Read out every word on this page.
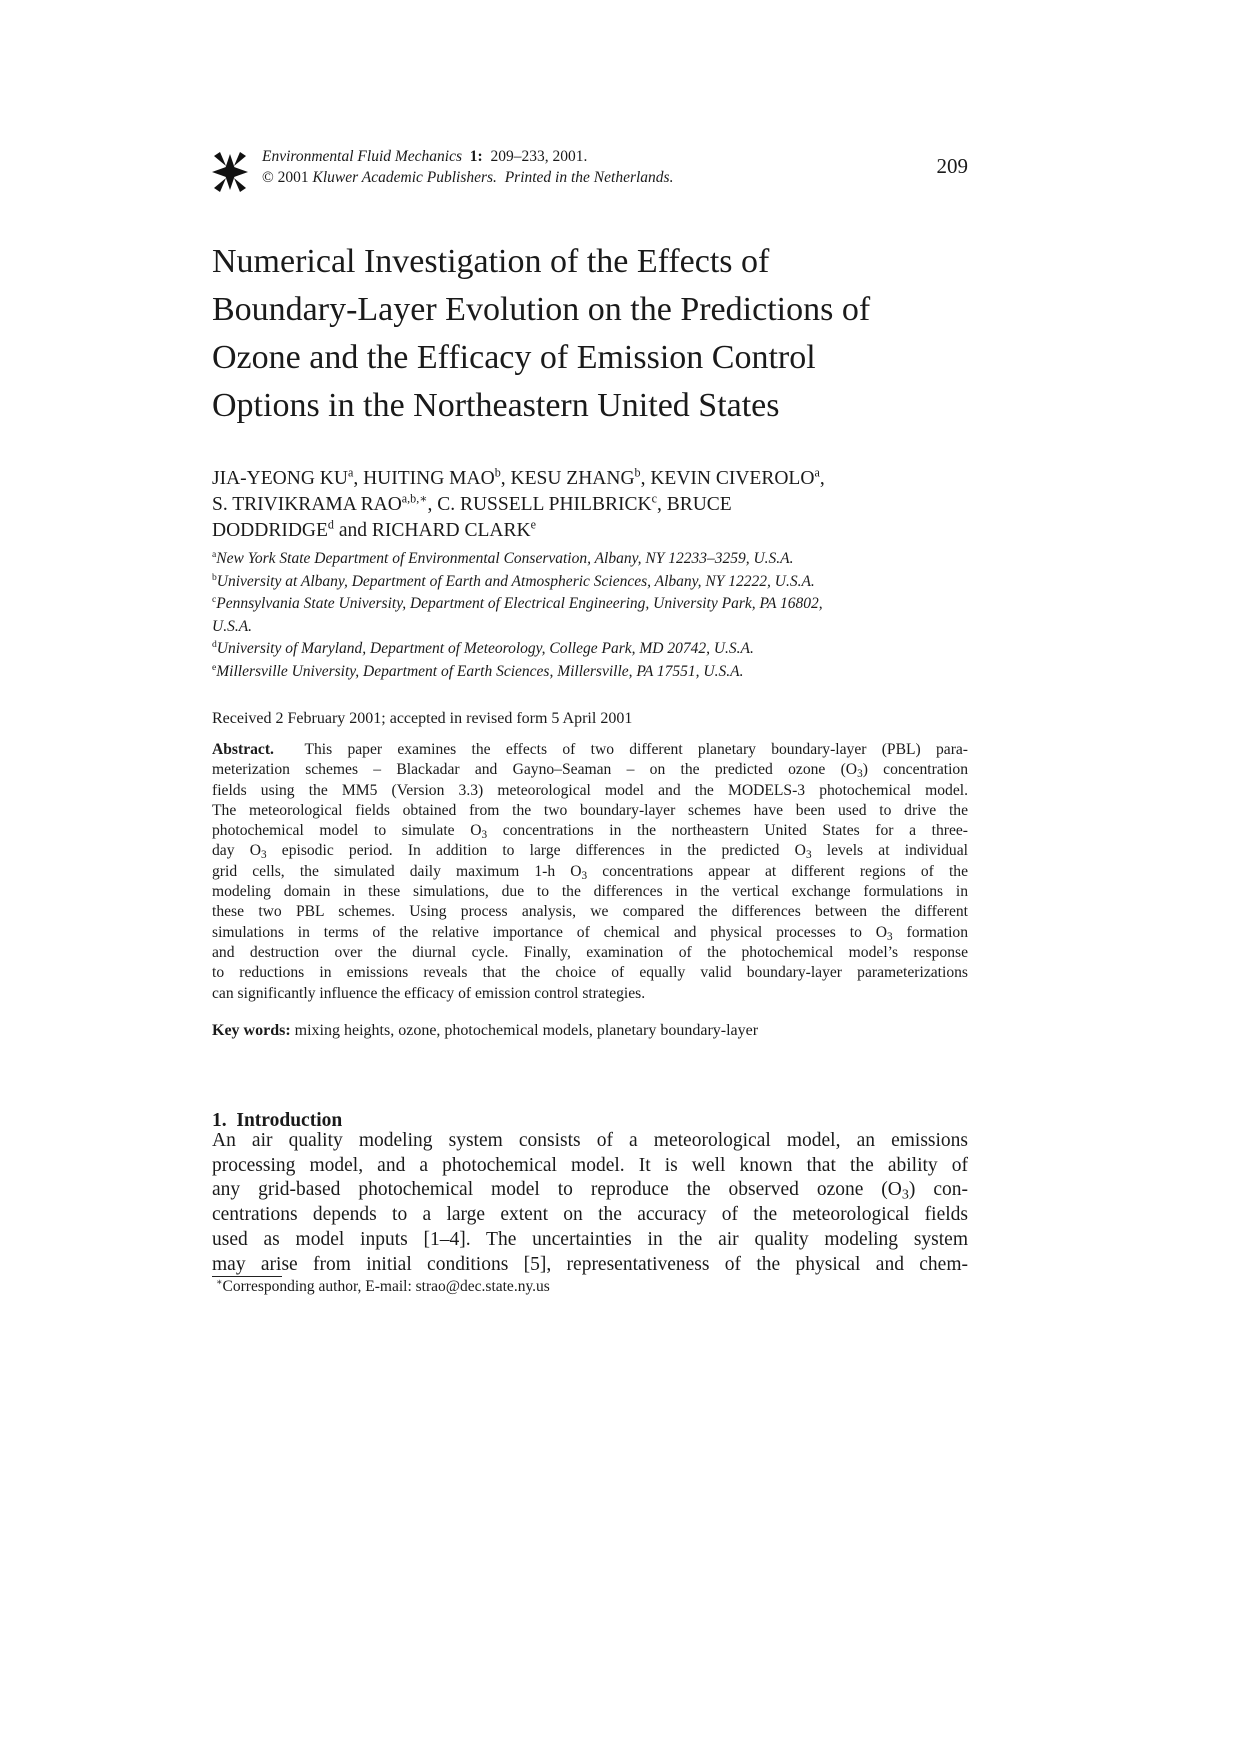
Environmental Fluid Mechanics 1: 209–233, 2001.
© 2001 Kluwer Academic Publishers. Printed in the Netherlands.	209
Numerical Investigation of the Effects of
Boundary-Layer Evolution on the Predictions of
Ozone and the Efficacy of Emission Control
Options in the Northeastern United States
JIA-YEONG $KU^a$, HUITING MAO$^b$, KESU ZHANG$^b$, KEVIN CIVEROLO$^a$,
S. TRIVIKRAMA $RAO^{a,b,∗}$, C. RUSSELL PHILBRICK$^c$, BRUCE
DODDRIDGE$^d$ and RICHARD CLARK$^e$
$^a$New York State Department of Environmental Conservation, Albany, NY 12233–3259, U.S.A.
$^b$University at Albany, Department of Earth and Atmospheric Sciences, Albany, NY 12222, U.S.A.
$^c$Pennsylvania State University, Department of Electrical Engineering, University Park, PA 16802,
U.S.A.
$^d$University of Maryland, Department of Meteorology, College Park, MD 20742, U.S.A.
$^e$Millersville University, Department of Earth Sciences, Millersville, PA 17551, U.S.A.
Received 2 February 2001; accepted in revised form 5 April 2001
Abstract. This paper examines the effects of two different planetary boundary-layer (PBL) para-
meterization schemes – Blackadar and Gayno–Seaman – on the predicted ozone $(O_3)$ concentration
fields using the MM5 (Version 3.3) meteorological model and the MODELS-3 photochemical model.
The meteorological fields obtained from the two boundary-layer schemes have been used to drive the
photochemical model to simulate $O_3$ concentrations in the northeastern United States for a three-
day $O_3$ episodic period. In addition to large differences in the predicted $O_3$ levels at individual
grid cells, the simulated daily maximum 1-h $O_3$ concentrations appear at different regions of the
modeling domain in these simulations, due to the differences in the vertical exchange formulations in
these two PBL schemes. Using process analysis, we compared the differences between the different
simulations in terms of the relative importance of chemical and physical processes to $O_3$ formation
and destruction over the diurnal cycle. Finally, examination of the photochemical model’s response
to reductions in emissions reveals that the choice of equally valid boundary-layer parameterizations
can significantly influence the efficacy of emission control strategies.
Key words: mixing heights, ozone, photochemical models, planetary boundary-layer
1. Introduction
An air quality modeling system consists of a meteorological model, an emissions
processing model, and a photochemical model. It is well known that the ability of
any grid-based photochemical model to reproduce the observed ozone $(O_3)$ con-
centrations depends to a large extent on the accuracy of the meteorological fields
used as model inputs [1–4]. The uncertainties in the air quality modeling system
may arise from initial conditions [5], representativeness of the physical and chem-
∗Corresponding author, E-mail: strao@dec.state.ny.us
